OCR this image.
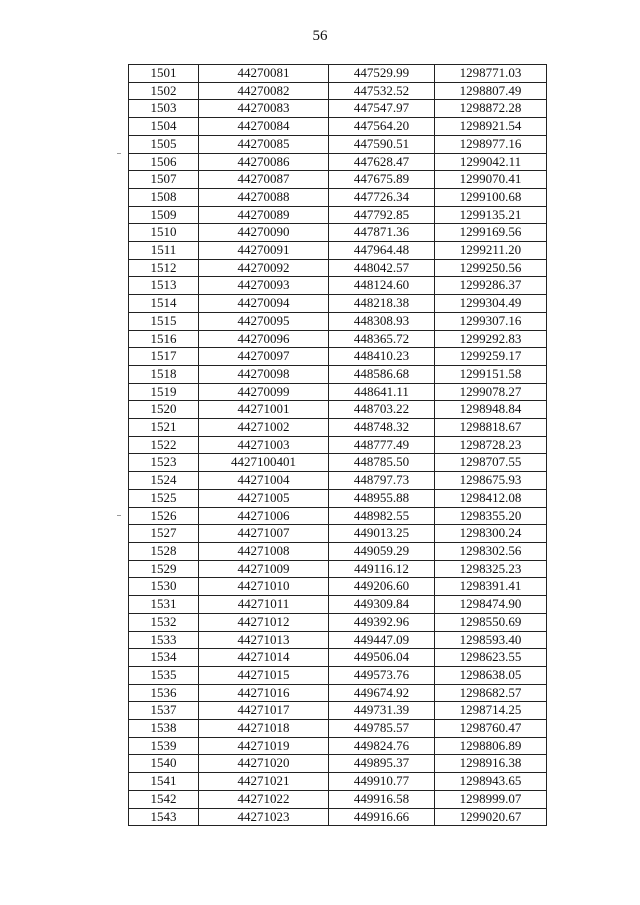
56
1501	44270081	447529.99	1298771.03
1502	44270082	447532.52	1298807.49
1503	44270083	447547.97	1298872.28
1504	44270084	447564.20	1298921.54
1505	44270085	447590.51	1298977.16
1506	44270086	447628.47	1299042.11
1507	44270087	447675.89	1299070.41
1508	44270088	447726.34	1299100.68
1509	44270089	447792.85	1299135.21
1510	44270090	447871.36	1299169.56
1511	44270091	447964.48	1299211.20
1512	44270092	448042.57	1299250.56
1513	44270093	448124.60	1299286.37
1514	44270094	448218.38	1299304.49
1515	44270095	448308.93	1299307.16
1516	44270096	448365.72	1299292.83
1517	44270097	448410.23	1299259.17
1518	44270098	448586.68	1299151.58
1519	44270099	448641.11	1299078.27
1520	44271001	448703.22	1298948.84
1521	44271002	448748.32	1298818.67
1522	44271003	448777.49	1298728.23
1523	4427100401	448785.50	1298707.55
1524	44271004	448797.73	1298675.93
1525	44271005	448955.88	1298412.08
1526	44271006	448982.55	1298355.20
1527	44271007	449013.25	1298300.24
1528	44271008	449059.29	1298302.56
1529	44271009	449116.12	1298325.23
1530	44271010	449206.60	1298391.41
1531	44271011	449309.84	1298474.90
1532	44271012	449392.96	1298550.69
1533	44271013	449447.09	1298593.40
1534	44271014	449506.04	1298623.55
1535	44271015	449573.76	1298638.05
1536	44271016	449674.92	1298682.57
1537	44271017	449731.39	1298714.25
1538	44271018	449785.57	1298760.47
1539	44271019	449824.76	1298806.89
1540	44271020	449895.37	1298916.38
1541	44271021	449910.77	1298943.65
1542	44271022	449916.58	1298999.07
1543	44271023	449916.66	1299020.67
